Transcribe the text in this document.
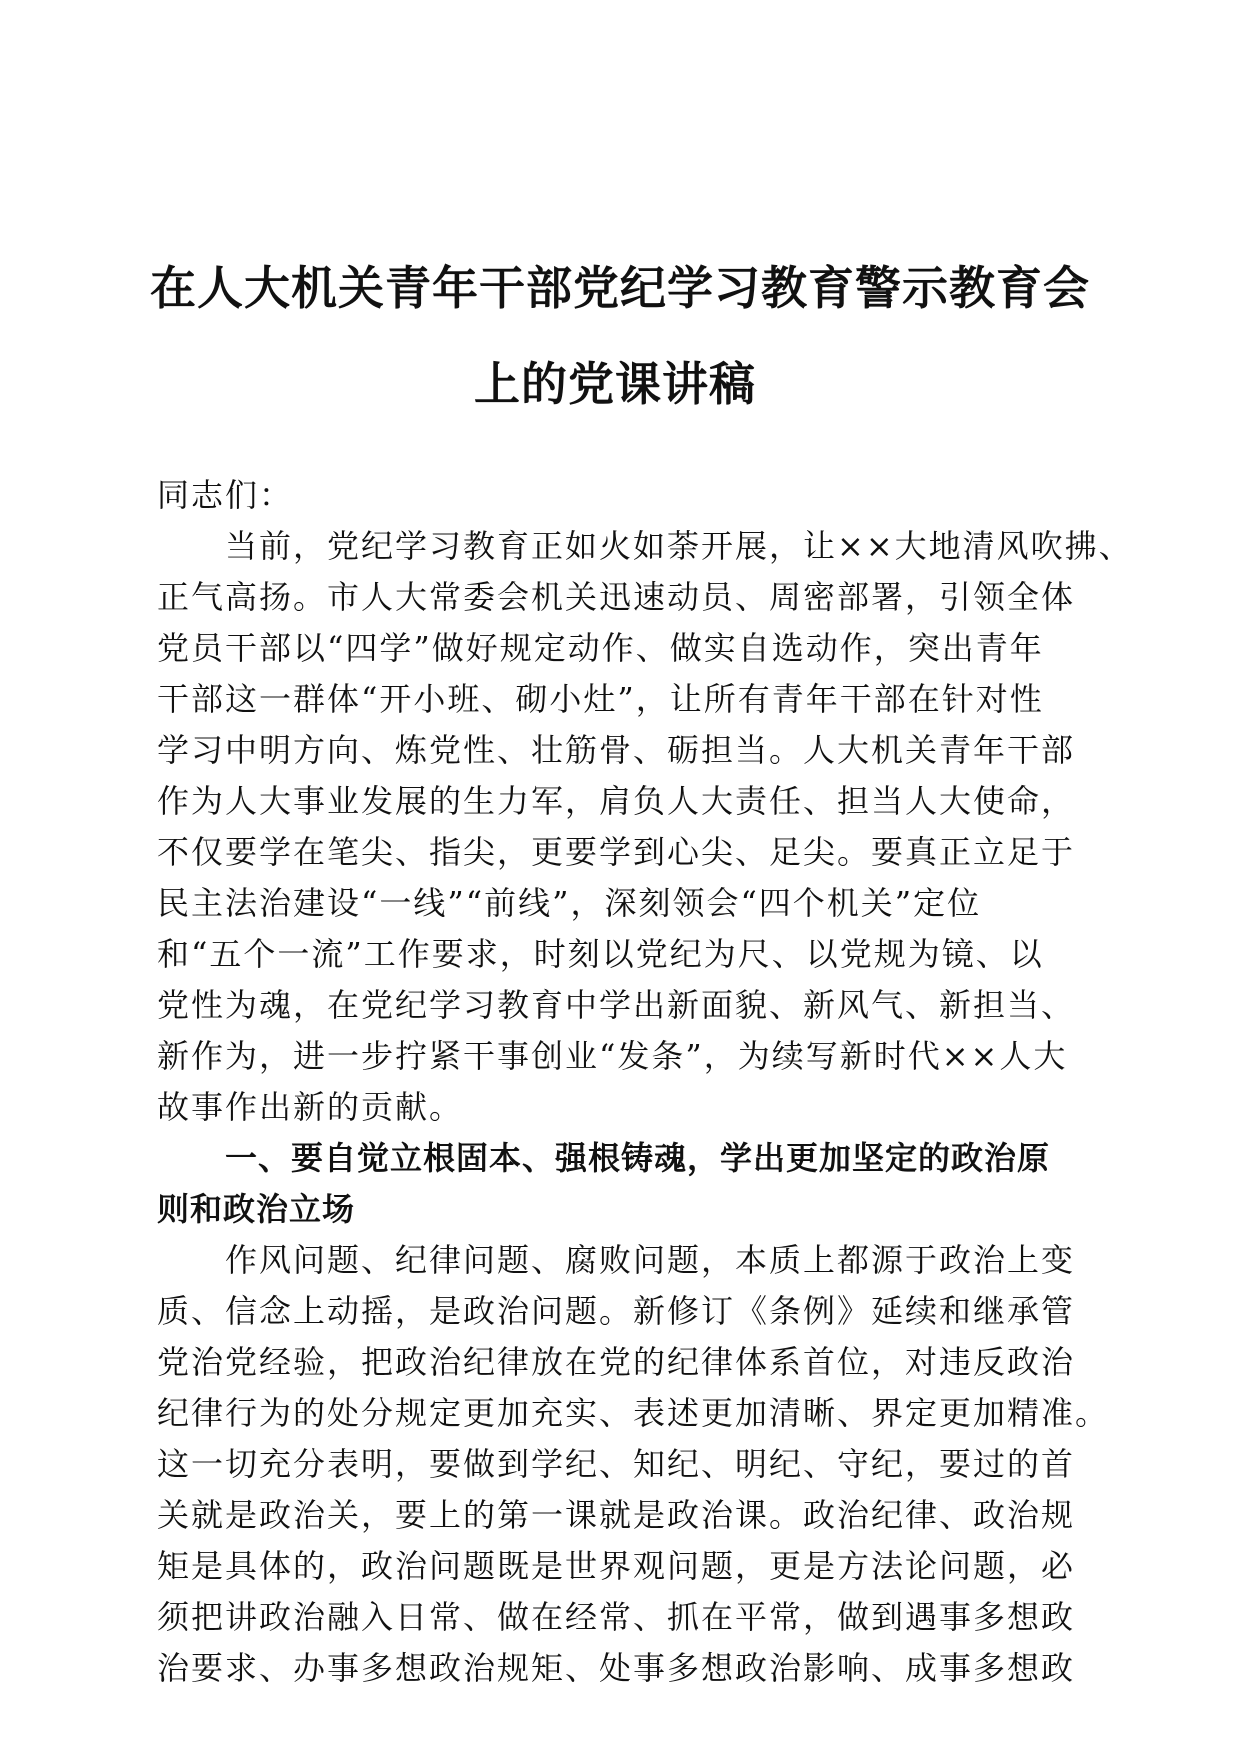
在人大机关青年干部党纪学习教育警示教育会
上的党课讲稿
同志们：
当前，党纪学习教育正如火如荼开展，让××大地清风吹拂、
正气高扬。市人大常委会机关迅速动员、周密部署，引领全体
党员干部以“四学”做好规定动作、做实自选动作，突出青年
干部这一群体“开小班、砌小灶”，让所有青年干部在针对性
学习中明方向、炼党性、壮筋骨、砺担当。人大机关青年干部
作为人大事业发展的生力军，肩负人大责任、担当人大使命，
不仅要学在笔尖、指尖，更要学到心尖、足尖。要真正立足于
民主法治建设“一线”“前线”，深刻领会“四个机关”定位
和“五个一流”工作要求，时刻以党纪为尺、以党规为镜、以
党性为魂，在党纪学习教育中学出新面貌、新风气、新担当、
新作为，进一步拧紧干事创业“发条”，为续写新时代××人大
故事作出新的贡献。
一、要自觉立根固本、强根铸魂，学出更加坚定的政治原
则和政治立场
作风问题、纪律问题、腐败问题，本质上都源于政治上变
质、信念上动摇，是政治问题。新修订《条例》延续和继承管
党治党经验，把政治纪律放在党的纪律体系首位，对违反政治
纪律行为的处分规定更加充实、表述更加清晰、界定更加精准。
这一切充分表明，要做到学纪、知纪、明纪、守纪，要过的首
关就是政治关，要上的第一课就是政治课。政治纪律、政治规
矩是具体的，政治问题既是世界观问题，更是方法论问题，必
须把讲政治融入日常、做在经常、抓在平常，做到遇事多想政
治要求、办事多想政治规矩、处事多想政治影响、成事多想政
